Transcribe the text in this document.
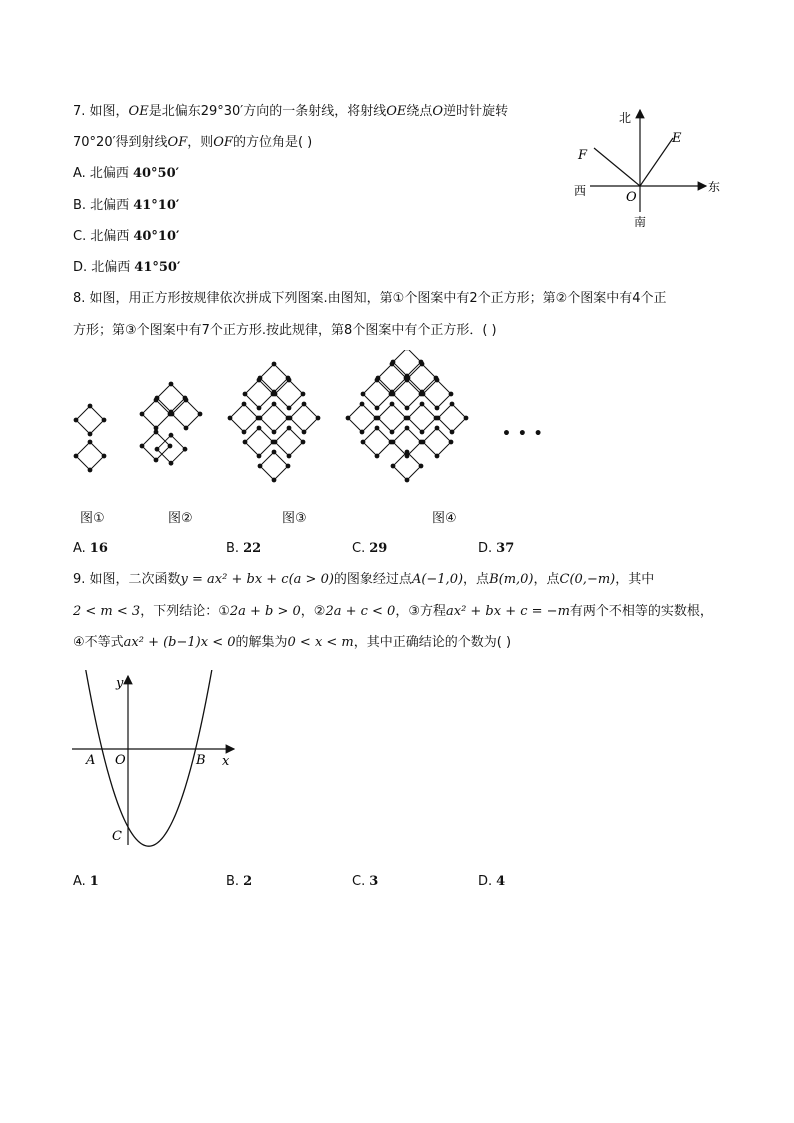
7. 如图，OE是北偏东29°30′方向的一条射线，将射线OE绕点O逆时针旋转
70°20′得到射线OF，则OF的方位角是( )
A. 北偏西 40°50′
B. 北偏西 41°10′
C. 北偏西 40°10′
D. 北偏西 41°50′
北
南
东
西
E
F
O
8. 如图，用正方形按规律依次拼成下列图案.由图知，第①个图案中有2个正方形；第②个图案中有4个正
方形；第③个图案中有7个正方形.按此规律，第8个图案中有个正方形．( )
图①	图②	图③	图④
• • •
A. 16	B. 22	C. 29	D. 37
9. 如图，二次函数y = ax² + bx + c(a > 0)的图象经过点A(−1,0)，点B(m,0)，点C(0,−m)，其中
2 < m < 3，下列结论：①2a + b > 0，②2a + c < 0，③方程ax² + bx + c = −m有两个不相等的实数根，
④不等式ax² + (b−1)x < 0的解集为0 < x < m，其中正确结论的个数为( )
y
x
A O	B
C
A. 1	B. 2	C. 3	D. 4
